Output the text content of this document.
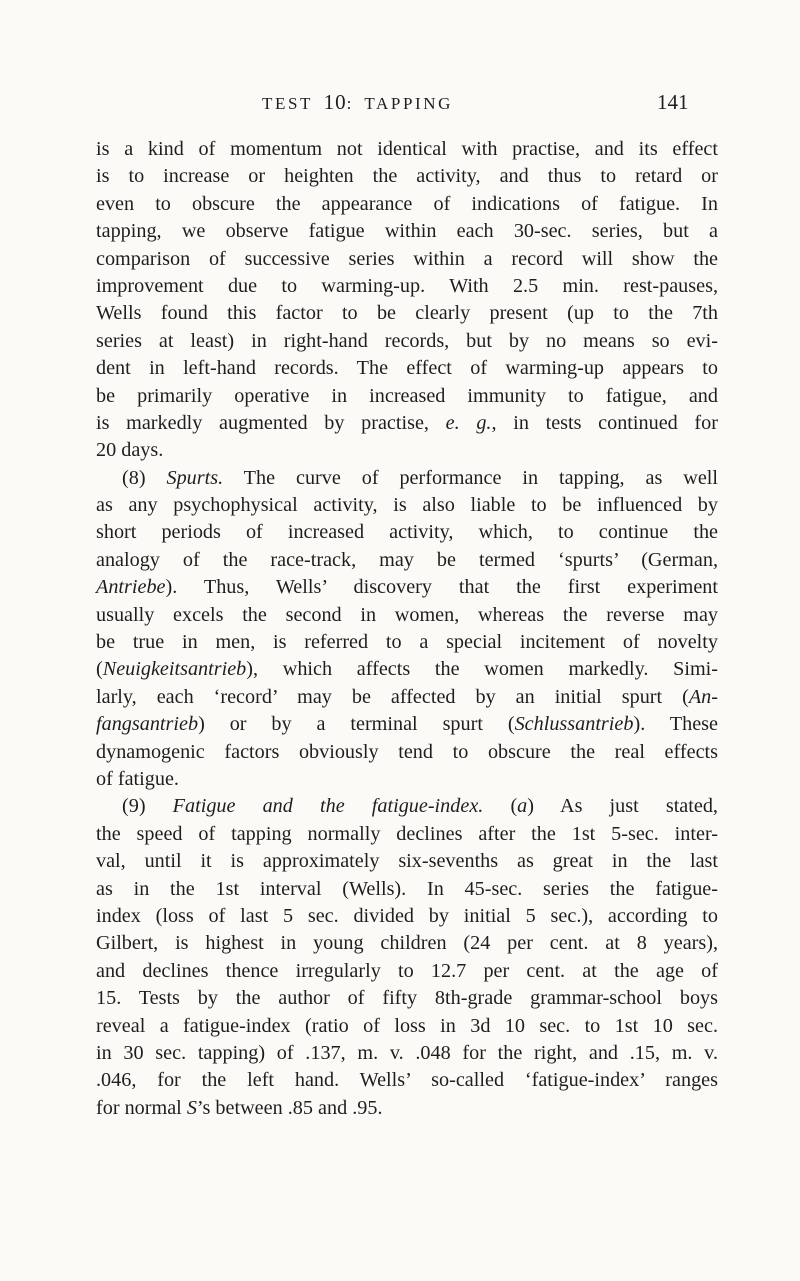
TEST 10: TAPPING	141
is a kind of momentum not identical with practise, and its effect
is to increase or heighten the activity, and thus to retard or
even to obscure the appearance of indications of fatigue. In
tapping, we observe fatigue within each 30-sec. series, but a
comparison of successive series within a record will show the
improvement due to warming-up. With 2.5 min. rest-pauses,
Wells found this factor to be clearly present (up to the 7th
series at least) in right-hand records, but by no means so evi-
dent in left-hand records. The effect of warming-up appears to
be primarily operative in increased immunity to fatigue, and
is markedly augmented by practise, e. g., in tests continued for
20 days.
(8) Spurts. The curve of performance in tapping, as well
as any psychophysical activity, is also liable to be influenced by
short periods of increased activity, which, to continue the
analogy of the race-track, may be termed ‘spurts’ (German,
Antriebe). Thus, Wells’ discovery that the first experiment
usually excels the second in women, whereas the reverse may
be true in men, is referred to a special incitement of novelty
(Neuigkeitsantrieb), which affects the women markedly. Simi-
larly, each ‘record’ may be affected by an initial spurt (An-
fangsantrieb) or by a terminal spurt (Schlussantrieb). These
dynamogenic factors obviously tend to obscure the real effects
of fatigue.
(9) Fatigue and the fatigue-index. (a) As just stated,
the speed of tapping normally declines after the 1st 5-sec. inter-
val, until it is approximately six-sevenths as great in the last
as in the 1st interval (Wells). In 45-sec. series the fatigue-
index (loss of last 5 sec. divided by initial 5 sec.), according to
Gilbert, is highest in young children (24 per cent. at 8 years),
and declines thence irregularly to 12.7 per cent. at the age of
15. Tests by the author of fifty 8th-grade grammar-school boys
reveal a fatigue-index (ratio of loss in 3d 10 sec. to 1st 10 sec.
in 30 sec. tapping) of .137, m. v. .048 for the right, and .15, m. v.
.046, for the left hand. Wells’ so-called ‘fatigue-index’ ranges
for normal S’s between .85 and .95.
